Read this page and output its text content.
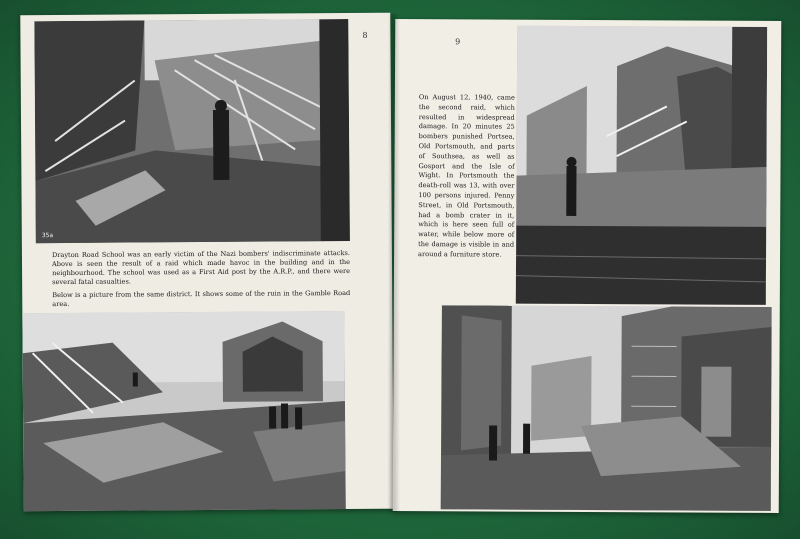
8
35a

Drayton Road School was an early victim of the Nazi bombers' indiscriminate attacks. Above is seen the result of a raid which made havoc in the building and in the neighbourhood. The school was used as a First Aid post by the A.R.P., and there were several fatal casualties.

Below is a picture from the same district. It shows some of the ruin in the Gamble Road area.

9

On August 12, 1940, came the second raid, which resulted in widespread damage. In 20 minutes 25 bombers punished Portsea, Old Portsmouth, and parts of Southsea, as well as Gosport and the Isle of Wight. In Portsmouth the death-roll was 13, with over 100 persons injured. Penny Street, in Old Portsmouth, had a bomb crater in it, which is here seen full of water, while below more of the damage is visible in and around a furniture store.
